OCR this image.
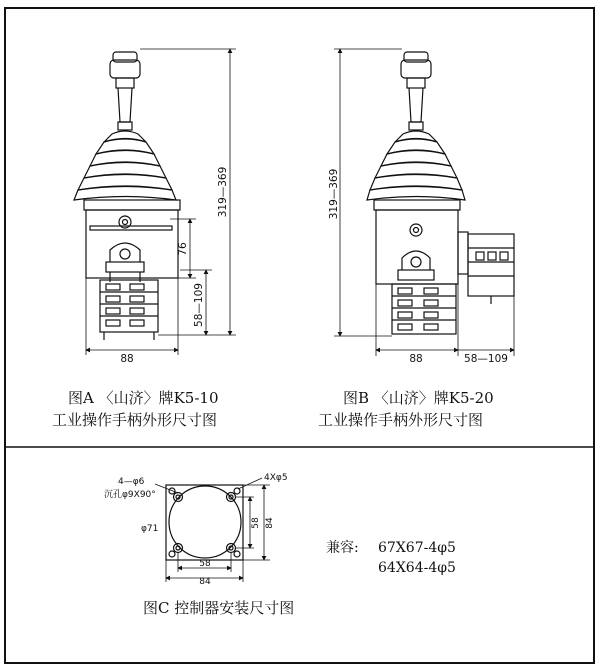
319—369
76
58—109
88
319—369
88	58—109
4—φ6
沉孔φ9X90°
4Xφ5
φ71
58 84
58
84
兼容: 67X67-4φ5
64X64-4φ5
图A 〈山济〉牌K5-10
工业操作手柄外形尺寸图
图B 〈山济〉牌K5-20
工业操作手柄外形尺寸图
图C 控制器安装尺寸图
